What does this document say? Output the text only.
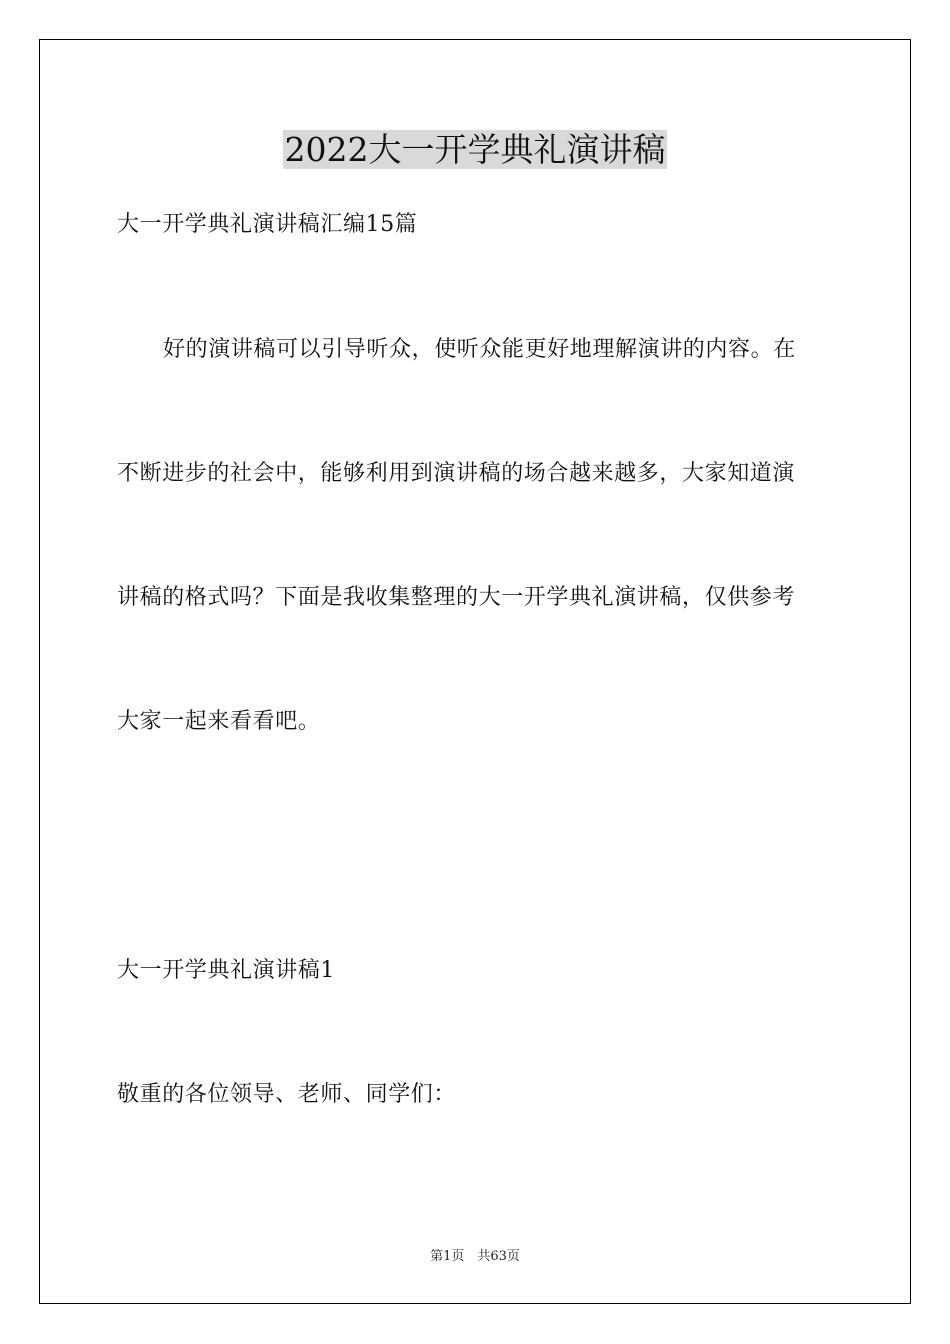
2022大一开学典礼演讲稿

大一开学典礼演讲稿汇编15篇

好的演讲稿可以引导听众，使听众能更好地理解演讲的内容。在

不断进步的社会中，能够利用到演讲稿的场合越来越多，大家知道演

讲稿的格式吗？下面是我收集整理的大一开学典礼演讲稿，仅供参考

大家一起来看看吧。

大一开学典礼演讲稿1

敬重的各位领导、老师、同学们：

第1页　共63页
